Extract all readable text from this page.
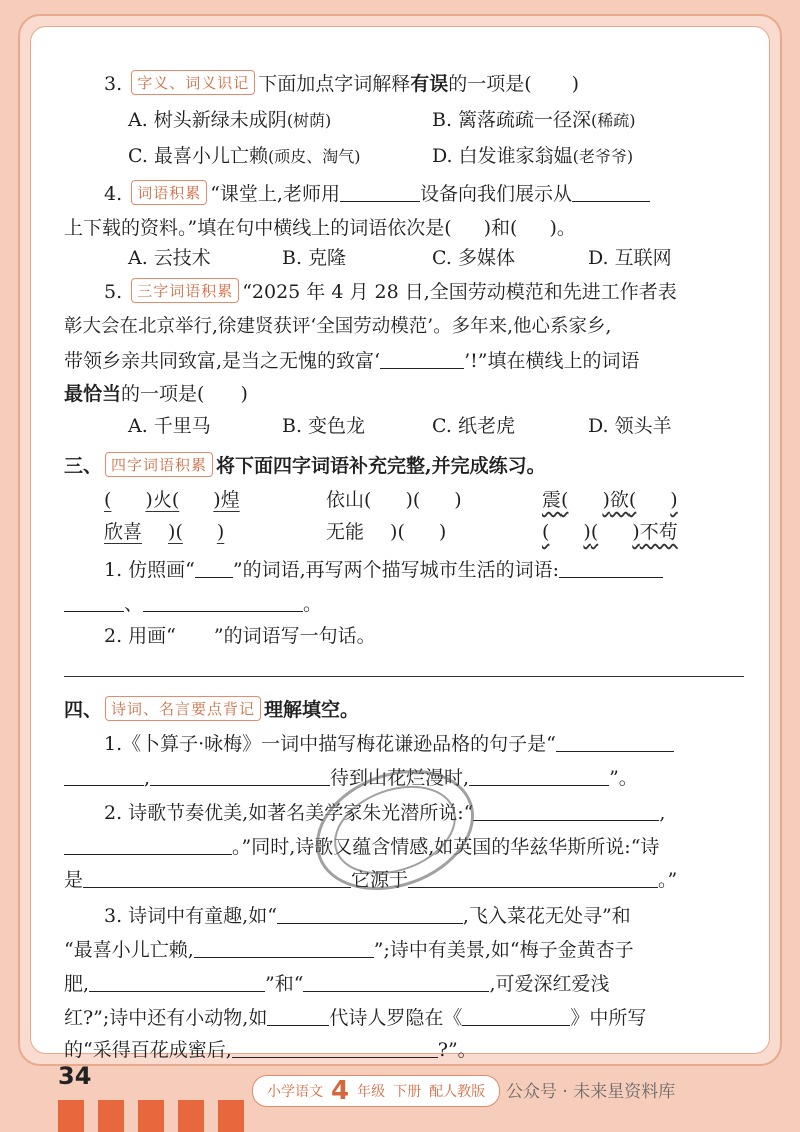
3. 字义、词义识记 下面加点字词解释有误的一项是( )
A. 树头新绿未成阴(树荫)	B. 篱落疏疏一径深(稀疏)
C. 最喜小儿亡赖(顽皮、淘气)	D. 白发谁家翁媪(老爷爷)
4. 词语积累 “课堂上,老师用	设备向我们展示从
上下载的资料。”填在句中横线上的词语依次是( )和( )。
A. 云技术	B. 克隆	C. 多媒体	D. 互联网
5. 三字词语积累 “2025 年 4 月 28 日,全国劳动模范和先进工作者表
彰大会在北京举行,徐建贤获评‘全国劳动模范’。多年来,他心系家乡,
带领乡亲共同致富,是当之无愧的致富‘	’!”填在横线上的词语
最恰当的一项是( )
A. 千里马	B. 变色龙	C. 纸老虎	D. 领头羊
三、 四字词语积累 将下面四字词语补充完整,并完成练习。
( )火( )煌	依山( )( )	震( )欲( )
欣喜 )( )	无能 )( )	( )( )不苟
1. 仿照画“ ”的词语,再写两个描写城市生活的词语:
、	。
2. 用画“ ”的词语写一句话。
四、 诗词、名言要点背记 理解填空。
1.《卜算子·咏梅》一词中描写梅花谦逊品格的句子是“
,	待到山花烂漫时,	”。
2. 诗歌节奏优美,如著名美学家朱光潜所说:“	,
。”同时,诗歌又蕴含情感,如英国的华兹华斯所说:“诗
是	它源于	。”
3. 诗词中有童趣,如“	,飞入菜花无处寻”和
“最喜小儿亡赖,	”;诗中有美景,如“梅子金黄杏子
肥,	”和“	,可爱深红爱浅
红?”;诗中还有小动物,如	代诗人罗隐在《	》中所写
的“采得百花成蜜后,	?”。
34
小学语文 4 年级 下册 配人教版 公众号 · 未来星资料库
